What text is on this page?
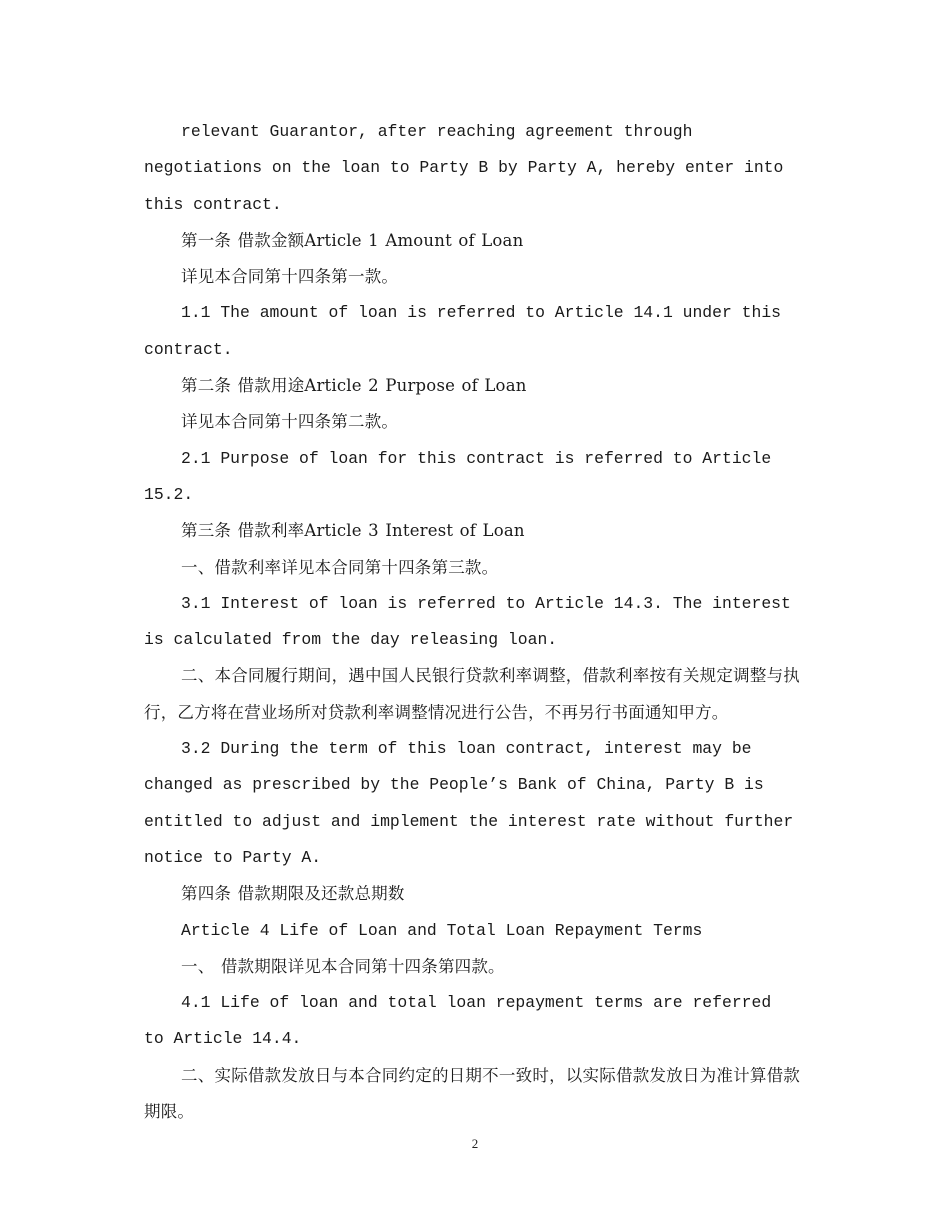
relevant Guarantor, after reaching agreement through negotiations on the loan to Party B by Party A, hereby enter into this contract.

第一条 借款金额Article 1 Amount of Loan

详见本合同第十四条第一款。

1.1 The amount of loan is referred to Article 14.1 under this contract.

第二条 借款用途Article 2 Purpose of Loan

详见本合同第十四条第二款。

2.1 Purpose of loan for this contract is referred to Article 15.2.

第三条 借款利率Article 3 Interest of Loan

一、借款利率详见本合同第十四条第三款。

3.1 Interest of loan is referred to Article 14.3. The interest is calculated from the day releasing loan.

二、本合同履行期间，遇中国人民银行贷款利率调整，借款利率按有关规定调整与执行，乙方将在营业场所对贷款利率调整情况进行公告，不再另行书面通知甲方。

3.2 During the term of this loan contract, interest may be changed as prescribed by the People’s Bank of China, Party B is entitled to adjust and implement the interest rate without further notice to Party A.

第四条 借款期限及还款总期数

Article 4 Life of Loan and Total Loan Repayment Terms

一、 借款期限详见本合同第十四条第四款。

4.1 Life of loan and total loan repayment terms are referred to Article 14.4.

二、实际借款发放日与本合同约定的日期不一致时，以实际借款发放日为准计算借款期限。

2
